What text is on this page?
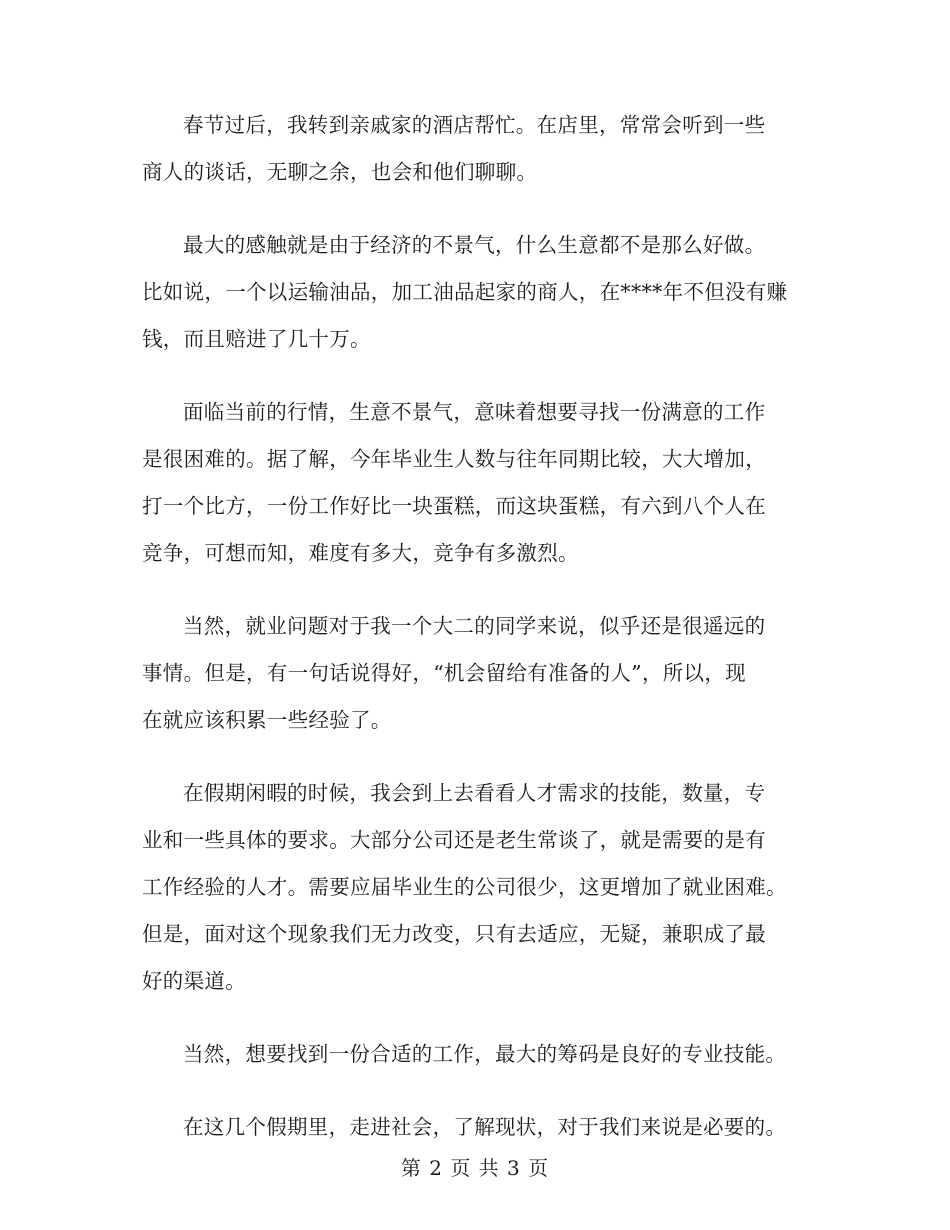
春节过后，我转到亲戚家的酒店帮忙。在店里，常常会听到一些
商人的谈话，无聊之余，也会和他们聊聊。

最大的感触就是由于经济的不景气，什么生意都不是那么好做。
比如说，一个以运输油品，加工油品起家的商人，在****年不但没有赚
钱，而且赔进了几十万。

面临当前的行情，生意不景气，意味着想要寻找一份满意的工作
是很困难的。据了解，今年毕业生人数与往年同期比较，大大增加，
打一个比方，一份工作好比一块蛋糕，而这块蛋糕，有六到八个人在
竞争，可想而知，难度有多大，竞争有多激烈。

当然，就业问题对于我一个大二的同学来说，似乎还是很遥远的
事情。但是，有一句话说得好，“机会留给有准备的人”，所以，现
在就应该积累一些经验了。

在假期闲暇的时候，我会到上去看看人才需求的技能，数量，专
业和一些具体的要求。大部分公司还是老生常谈了，就是需要的是有
工作经验的人才。需要应届毕业生的公司很少，这更增加了就业困难。
但是，面对这个现象我们无力改变，只有去适应，无疑，兼职成了最
好的渠道。

当然，想要找到一份合适的工作，最大的筹码是良好的专业技能。

在这几个假期里，走进社会，了解现状，对于我们来说是必要的。

第 2 页 共 3 页
